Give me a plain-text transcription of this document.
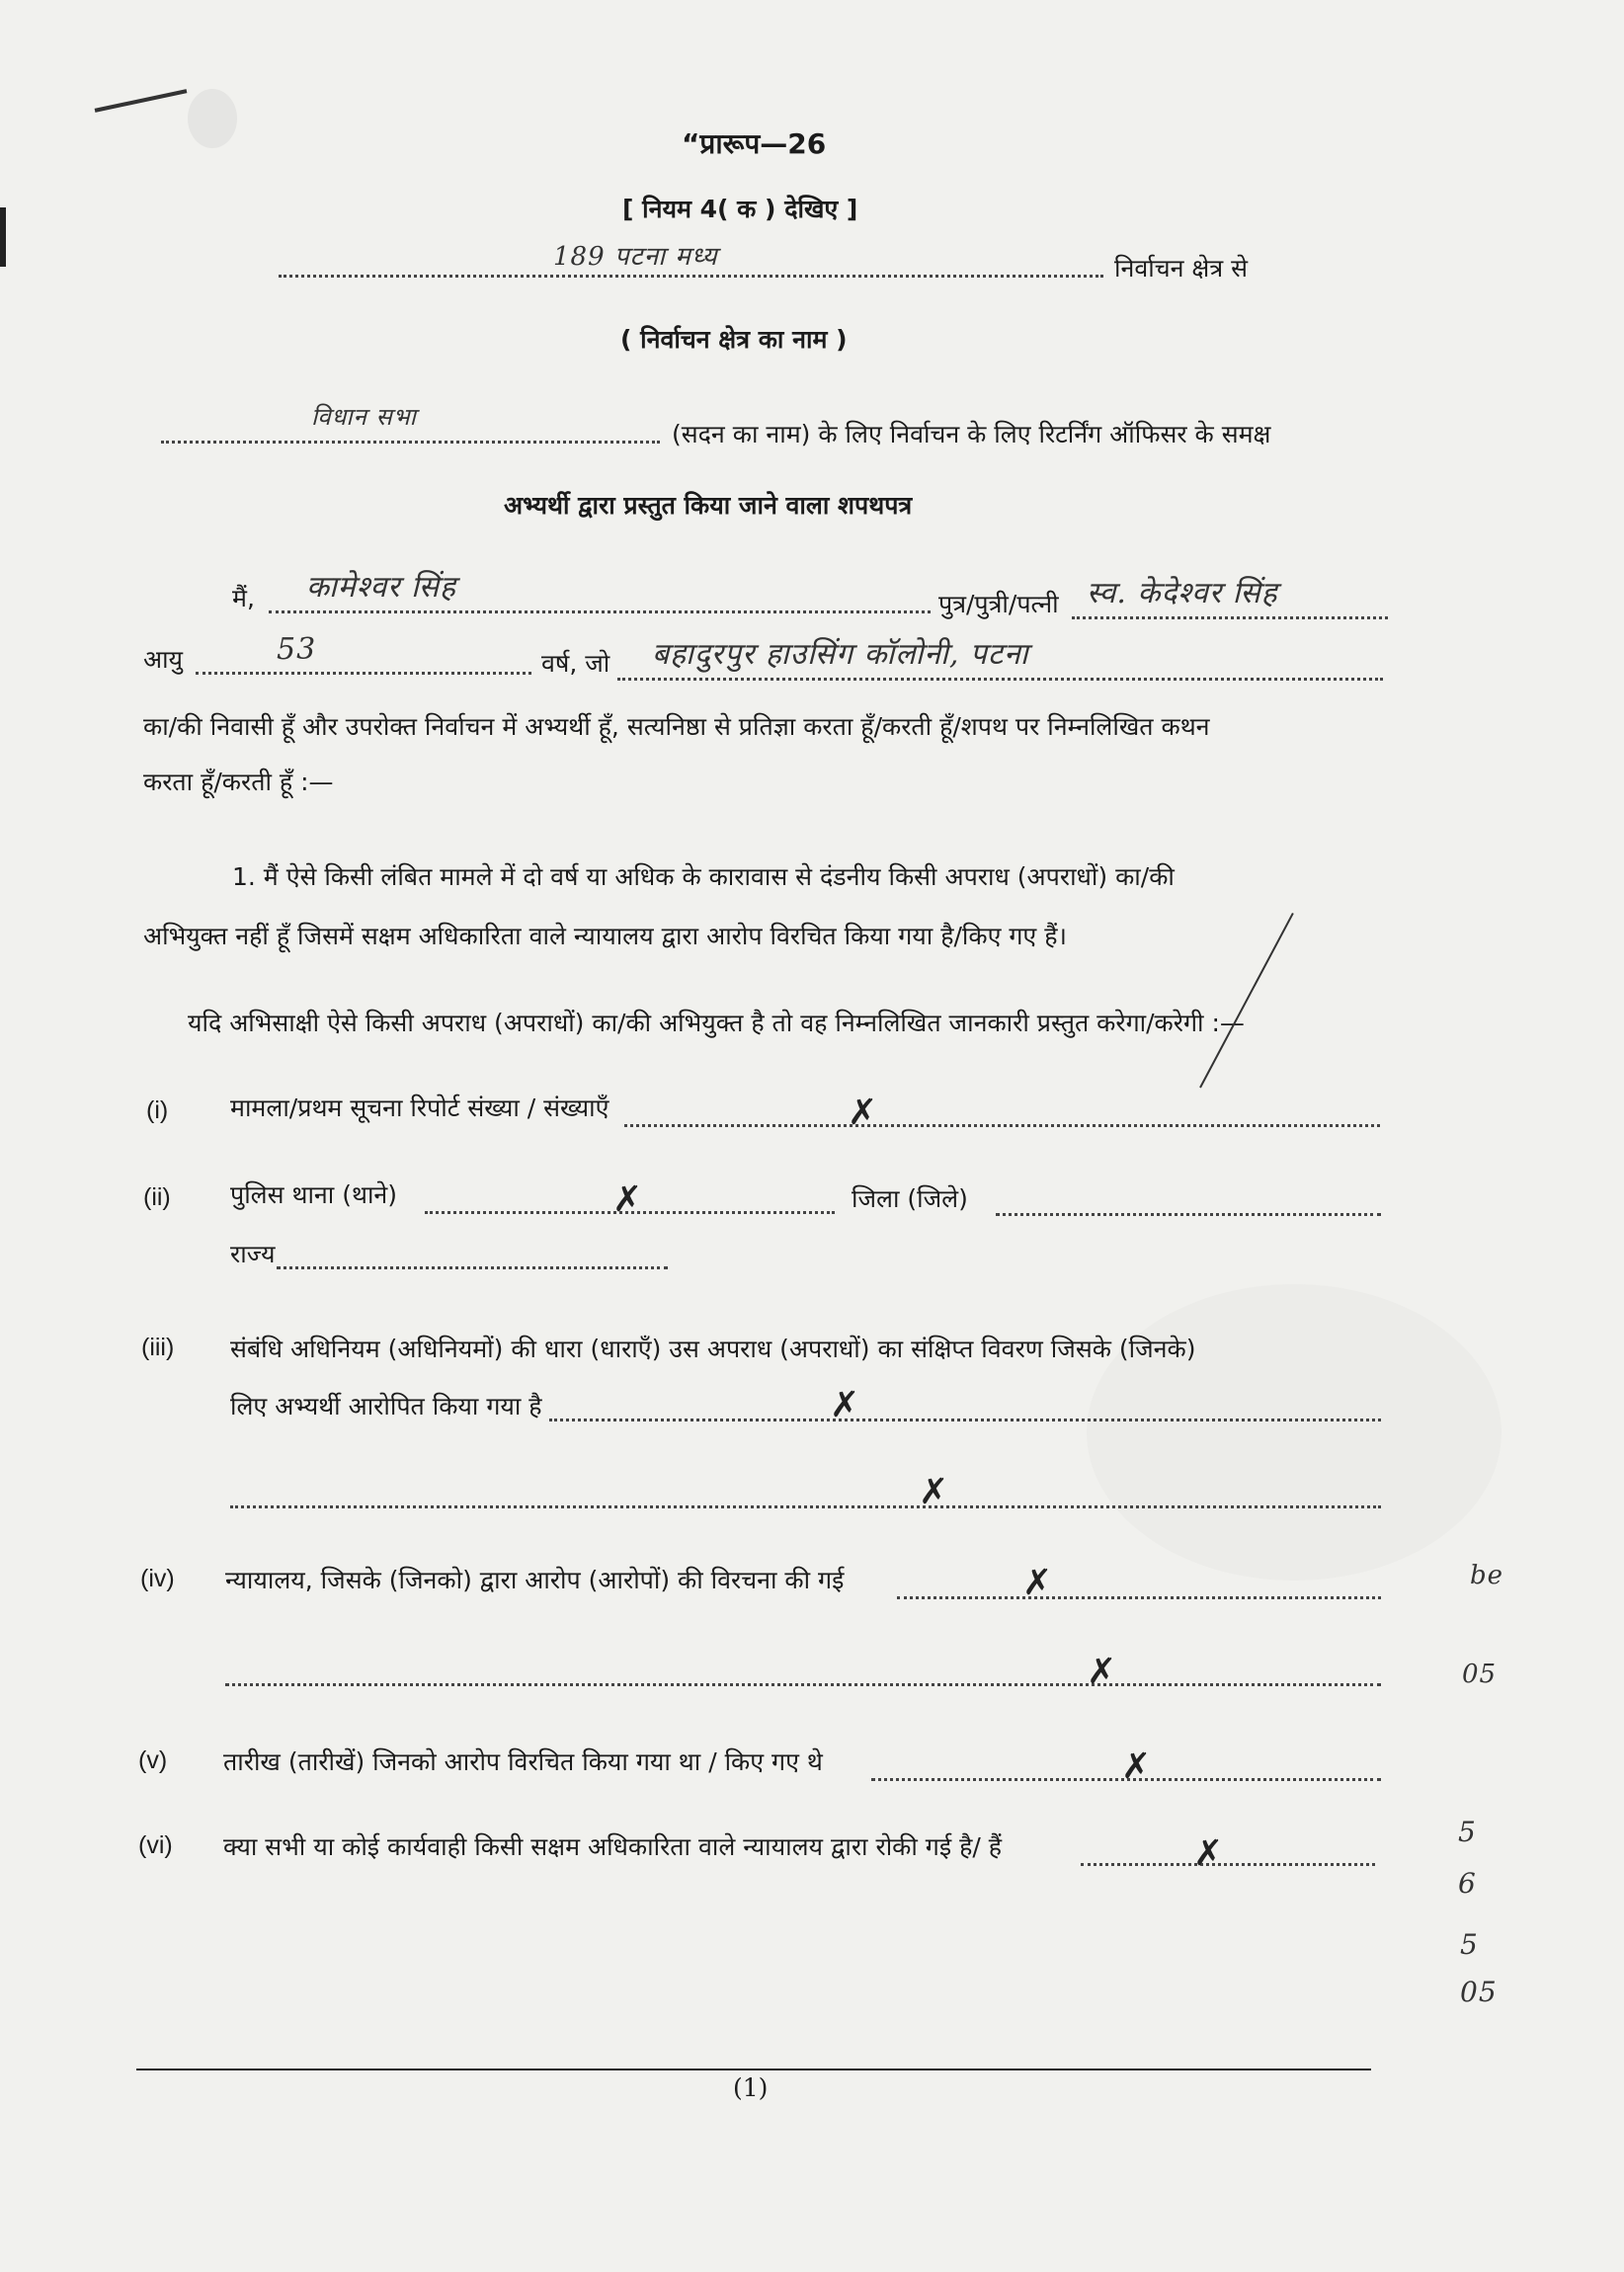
“प्रारूप—26
[ नियम 4( क ) देखिए ]
189 पटना मध्य	निर्वाचन क्षेत्र से
( निर्वाचन क्षेत्र का नाम )
विधान सभा
(सदन का नाम) के लिए निर्वाचन के लिए रिटर्निंग ऑफिसर के समक्ष
अभ्यर्थी द्वारा प्रस्तुत किया जाने वाला शपथपत्र
मैं, कामेश्वर सिंह	पुत्र/पुत्री/पत्नी स्व. केदेश्वर सिंह
आयु	53	वर्ष, जो बहादुरपुर हाउसिंग कॉलोनी, पटना
का/की निवासी हूँ और उपरोक्त निर्वाचन में अभ्यर्थी हूँ, सत्यनिष्ठा से प्रतिज्ञा करता हूँ/करती हूँ/शपथ पर निम्नलिखित कथन
करता हूँ/करती हूँ :—
1. मैं ऐसे किसी लंबित मामले में दो वर्ष या अधिक के कारावास से दंडनीय किसी अपराध (अपराधों) का/की
अभियुक्त नहीं हूँ जिसमें सक्षम अधिकारिता वाले न्यायालय द्वारा आरोप विरचित किया गया है/किए गए हैं।
यदि अभिसाक्षी ऐसे किसी अपराध (अपराधों) का/की अभियुक्त है तो वह निम्नलिखित जानकारी प्रस्तुत करेगा/करेगी :—
(i)	मामला/प्रथम सूचना रिपोर्ट संख्या / संख्याएँ	✗
(ii) पुलिस थाना (थाने)	✗	जिला (जिले)
राज्य
(iii) संबंधि अधिनियम (अधिनियमों) की धारा (धाराएँ) उस अपराध (अपराधों) का संक्षिप्त विवरण जिसके (जिनके)
लिए अभ्यर्थी आरोपित किया गया है	✗
✗
(iv) न्यायालय, जिसके (जिनको) द्वारा आरोप (आरोपों) की विरचना की गई	✗
✗
(v) तारीख (तारीखें) जिनको आरोप विरचित किया गया था / किए गए थे	✗
(vi) क्या सभी या कोई कार्यवाही किसी सक्षम अधिकारिता वाले न्यायालय द्वारा रोकी गई है/ हैं	✗
be
05
5
6
5
05
(1)
